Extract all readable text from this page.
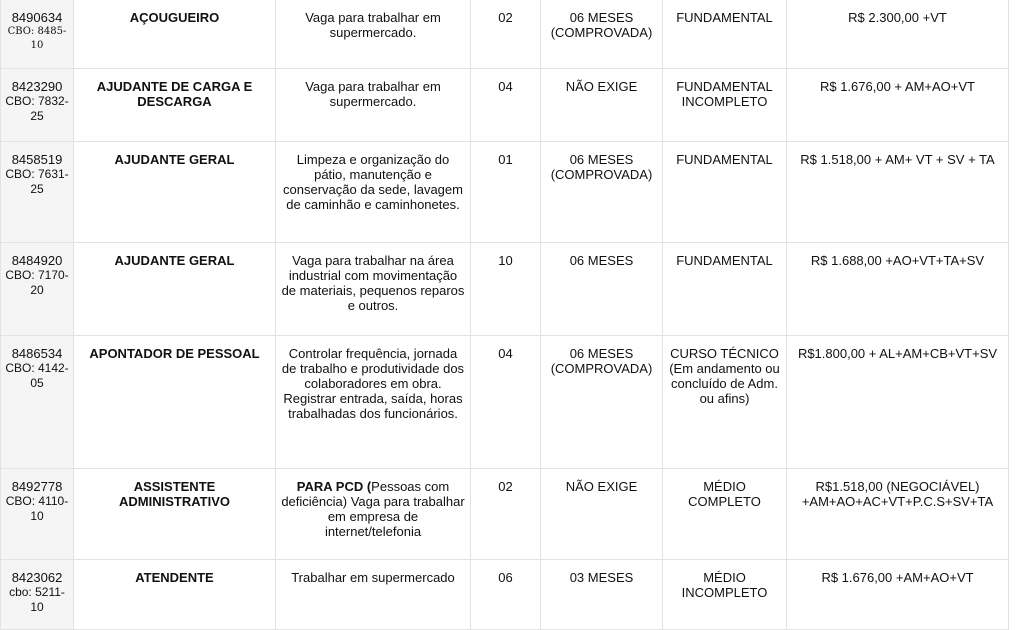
8490634
CBO: 8485-10	AÇOUGUEIRO	Vaga para trabalhar em supermercado.	02	06 MESES (COMPROVADA)	FUNDAMENTAL	R$ 2.300,00 +VT

8423290
CBO: 7832-25	AJUDANTE DE CARGA E DESCARGA	Vaga para trabalhar em supermercado.	04	NÃO EXIGE	FUNDAMENTAL INCOMPLETO	R$ 1.676,00 + AM+AO+VT

8458519
CBO: 7631-25	AJUDANTE GERAL	Limpeza e organização do pátio, manutenção e conservação da sede, lavagem de caminhão e caminhonetes.	01	06 MESES (COMPROVADA)	FUNDAMENTAL	R$ 1.518,00 + AM+ VT + SV + TA

8484920
CBO: 7170-20	AJUDANTE GERAL	Vaga para trabalhar na área industrial com movimentação de materiais, pequenos reparos e outros.	10	06 MESES	FUNDAMENTAL	R$ 1.688,00 +AO+VT+TA+SV

8486534
CBO: 4142-05	APONTADOR DE PESSOAL	Controlar frequência, jornada de trabalho e produtividade dos colaboradores em obra. Registrar entrada, saída, horas trabalhadas dos funcionários.	04	06 MESES (COMPROVADA)	CURSO TÉCNICO (Em andamento ou concluído de Adm. ou afins)	R$1.800,00 + AL+AM+CB+VT+SV

8492778
CBO: 4110-10	ASSISTENTE ADMINISTRATIVO	PARA PCD (Pessoas com deficiência) Vaga para trabalhar em empresa de internet/telefonia	02	NÃO EXIGE	MÉDIO COMPLETO	R$1.518,00 (NEGOCIÁVEL) +AM+AO+AC+VT+P.C.S+SV+TA

8423062
cbo: 5211-10	ATENDENTE	Trabalhar em supermercado	06	03 MESES	MÉDIO INCOMPLETO	R$ 1.676,00 +AM+AO+VT
